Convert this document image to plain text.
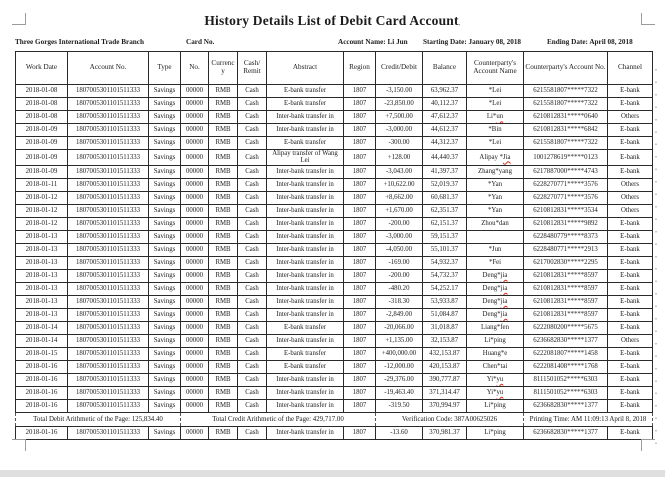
History Details List of Debit Card Account,
Three Gorges International Trade Branch	Card No.	Account Name: Li Jun Starting Date: January 08, 2018	Ending Date: April 08, 2018
Work Date	Account No.	Type	No.	Currency	Cash/ Remit	Abstract	Region	Credit/Debit	Balance	Counterparty's Account Name	Counterparty's Account No.	Channel
2018-01-08	1807005301101511333	Savings	00000	RMB	Cash	E-bank transfer	1807	-3,150.00	63,962.37	*Lei	6215581807*****7322	E-bank
2018-01-08	1807005301101511333	Savings	00000	RMB	Cash	E-bank transfer	1807	-23,850.00	40,112.37	*Lei	6215581807*****7322	E-bank
2018-01-08	1807005301101511333	Savings	00000	RMB	Cash	Inter-bank transfer in	1807	+7,500.00	47,612.37	Li*un	6210812831*****0640	Others
2018-01-09	1807005301101511333	Savings	00000	RMB	Cash	Inter-bank transfer in	1807	-3,000.00	44,612.37	*Bin	6210812831*****6842	E-bank
2018-01-09	1807005301101511333	Savings	00000	RMB	Cash	E-bank transfer	1807	-300.00	44,312.37	*Lei	6215581807*****7322	E-bank
2018-01-09	1807005301101511333	Savings	00000	RMB	Cash	Alipay transfer of Wang Lei	1807	+128.00	44,440.37	Alipay *Jia	1001278619*****0123	E-bank
2018-01-09	1807005301101511333	Savings	00000	RMB	Cash	Inter-bank transfer in	1807	-3,043.00	41,397.37	Zhang*yang	6217887000*****4743	E-bank
2018-01-11	1807005301101511333	Savings	00000	RMB	Cash	Inter-bank transfer in	1807	+10,622.00	52,019.37	*Yan	6228270771*****3576	Others
2018-01-12	1807005301101511333	Savings	00000	RMB	Cash	Inter-bank transfer in	1807	+8,662.00	60,681.37	*Yan	6228270771*****3576	Others
2018-01-12	1807005301101511333	Savings	00000	RMB	Cash	Inter-bank transfer in	1807	+1,670.00	62,351.37	*Yan	6210812831*****3534	Others
2018-01-12	1807005301101511333	Savings	00000	RMB	Cash	Inter-bank transfer in	1807	-200.00	62,151.37	Zhou*dan	6210812831*****9892	E-bank
2018-01-13	1807005301101511333	Savings	00000	RMB	Cash	Inter-bank transfer in	1807	-3,000.00	59,151.37		6228480779*****8373	E-bank
2018-01-13	1807005301101511333	Savings	00000	RMB	Cash	Inter-bank transfer in	1807	-4,050.00	55,101.37	*Jun	6228480771*****2913	E-bank
2018-01-13	1807005301101511333	Savings	00000	RMB	Cash	Inter-bank transfer in	1807	-169.00	54,932.37	*Fei	6217002830*****2295	E-bank
2018-01-13	1807005301101511333	Savings	00000	RMB	Cash	Inter-bank transfer in	1807	-200.00	54,732.37	Deng*jia	6210812831*****8597	E-bank
2018-01-13	1807005301101511333	Savings	00000	RMB	Cash	Inter-bank transfer in	1807	-480.20	54,252.17	Deng*jia	6210812831*****8597	E-bank
2018-01-13	1807005301101511333	Savings	00000	RMB	Cash	Inter-bank transfer in	1807	-318.30	53,933.87	Deng*jia	6210812831*****8597	E-bank
2018-01-13	1807005301101511333	Savings	00000	RMB	Cash	Inter-bank transfer in	1807	-2,849.00	51,084.87	Deng*jia	6210812831*****8597	E-bank
2018-01-14	1807005301101511333	Savings	00000	RMB	Cash	E-bank transfer	1807	-20,066.00	31,018.87	Liang*fen	6222080200*****5675	E-bank
2018-01-14	1807005301101511333	Savings	00000	RMB	Cash	Inter-bank transfer in	1807	+1,135.00	32,153.87	Li*ping	6236682830*****1377	Others
2018-01-15	1807005301101511333	Savings	00000	RMB	Cash	E-bank transfer	1807	+400,000.00	432,153.87	Huang*e	6222081807*****1458	E-bank
2018-01-16	1807005301101511333	Savings	00000	RMB	Cash	E-bank transfer	1807	-12,000.00	420,153.87	Chen*tai	6222081408*****1768	E-bank
2018-01-16	1807005301101511333	Savings	00000	RMB	Cash	Inter-bank transfer in	1807	-29,376.00	390,777.87	Yi*yu	8111501052*****6303	E-bank
2018-01-16	1807005301101511333	Savings	00000	RMB	Cash	Inter-bank transfer in	1807	-19,463.40	371,314.47	Yi*yu	8111501052*****6303	E-bank
2018-01-16	1807005301101511333	Savings	00000	RMB	Cash	Inter-bank transfer in	1807	-319.50	370,994.97	Li*ping	6236682830*****1377	E-bank
Total Debit Arithmetic of the Page: 125,834.40			Total Credit Arithmetic of the Page: 429,717.00					Verification Code: 387A00625026			Printing Time: AM 11:09:13 April 8, 2018	
2018-01-16	1807005301101511333	Savings	00000	RMB	Cash	Inter-bank transfer in	1807	-13.60	370,981.37	Li*ping	6236682830*****1377	E-bank
